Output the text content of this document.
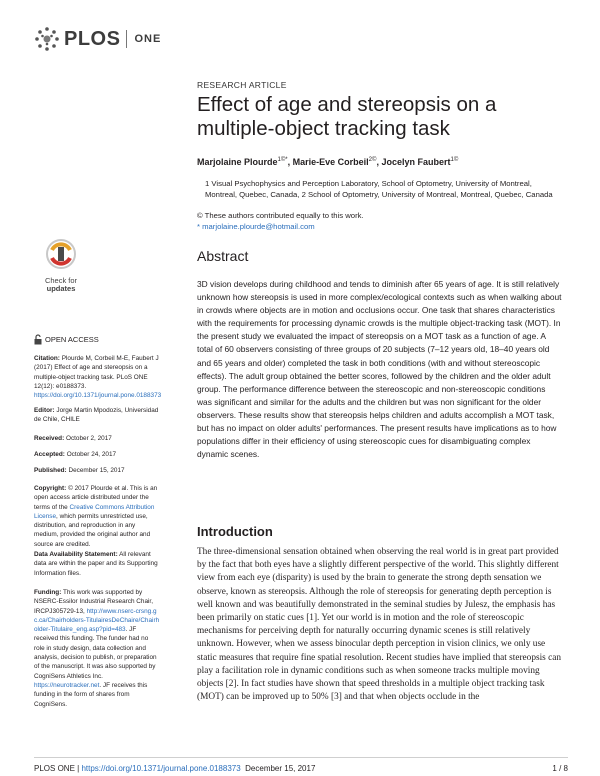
PLOS ONE
RESEARCH ARTICLE
Effect of age and stereopsis on a multiple-object tracking task
Marjolaine Plourde$^{1©*}$, Marie-Eve Corbeil$^{2©}$, Jocelyn Faubert$^{1©}$
1 Visual Psychophysics and Perception Laboratory, School of Optometry, University of Montreal, Montreal, Quebec, Canada, 2 School of Optometry, University of Montreal, Montreal, Quebec, Canada
© These authors contributed equally to this work.
* marjolaine.plourde@hotmail.com
Check for
updates
OPEN ACCESS
Citation: Plourde M, Corbeil M-E, Faubert J (2017) Effect of age and stereopsis on a multiple-object tracking task. PLoS ONE 12(12): e0188373. https://doi.org/10.1371/journal.pone.0188373
Editor: Jorge Martin Mpodozis, Universidad de Chile, CHILE
Received: October 2, 2017
Accepted: October 24, 2017
Published: December 15, 2017
Copyright: © 2017 Plourde et al. This is an open access article distributed under the terms of the Creative Commons Attribution License, which permits unrestricted use, distribution, and reproduction in any medium, provided the original author and source are credited.
Data Availability Statement: All relevant data are within the paper and its Supporting Information files.
Funding: This work was supported by NSERC-Essilor Industrial Research Chair, IRCPJ305729-13, http://www.nserc-crsng.gc.ca/Chairholders-TitulairesDeChaire/Chairholder-Titulaire_eng.asp?pid=483. JF received this funding. The funder had no role in study design, data collection and analysis, decision to publish, or preparation of the manuscript. It was also supported by CogniSens Athletics Inc. https://neurotracker.net. JF receives this funding in the form of shares from CogniSens.
Abstract
3D vision develops during childhood and tends to diminish after 65 years of age. It is still relatively unknown how stereopsis is used in more complex/ecological contexts such as when walking about in crowds where objects are in motion and occlusions occur. One task that shares characteristics with the requirements for processing dynamic crowds is the multiple object-tracking task (MOT). In the present study we evaluated the impact of stereopsis on a MOT task as a function of age. A total of 60 observers consisting of three groups of 20 subjects (7–12 years old, 18–40 years old and 65 years and older) completed the task in both conditions (with and without stereoscopic effects). The adult group obtained the better scores, followed by the children and the older adult group. The performance difference between the stereoscopic and non-stereoscopic conditions was significant and similar for the adults and the children but was non significant for the older observers. These results show that stereopsis helps children and adults accomplish a MOT task, but has no impact on older adults' performances. The present results have implications as to how populations differ in their efficiency of using stereoscopic cues for disambiguating complex dynamic scenes.
Introduction
The three-dimensional sensation obtained when observing the real world is in great part provided by the fact that both eyes have a slightly different perspective of the world. This slightly different view from each eye (disparity) is used by the brain to generate the strong depth sensation we observe, known as stereopsis. Although the role of stereopsis for generating depth perception is well known and was beautifully demonstrated in the seminal studies by Julesz, the emphasis has been primarily on static cues [1]. Yet our world is in motion and the role of stereoscopic mechanisms for perceiving depth for naturally occurring dynamic scenes is still relatively unknown. However, when we assess binocular depth perception in vision clinics, we only use static measures that require fine spatial resolution. Recent studies have implied that stereopsis can play a facilitation role in dynamic conditions such as when someone tracks multiple moving objects [2]. In fact studies have shown that speed thresholds in a multiple object tracking task (MOT) can be improved up to 50% [3] and that when objects occlude in the
PLOS ONE | https://doi.org/10.1371/journal.pone.0188373 December 15, 2017	1 / 8
